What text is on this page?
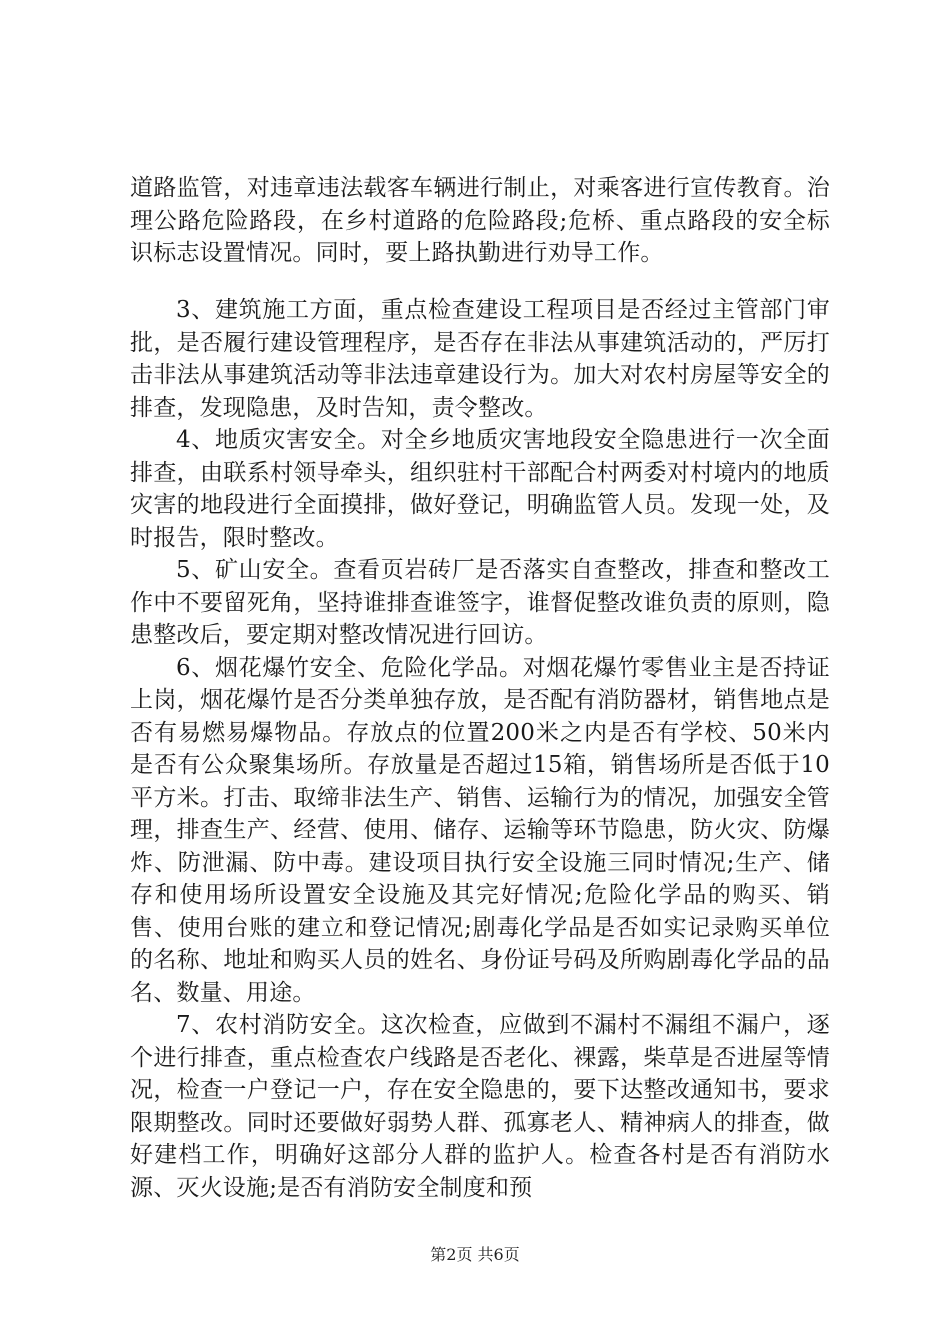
道路监管，对违章违法载客车辆进行制止，对乘客进行宣传教育。治理公路危险路段，在乡村道路的危险路段;危桥、重点路段的安全标识标志设置情况。同时，要上路执勤进行劝导工作。

3、建筑施工方面，重点检查建设工程项目是否经过主管部门审批，是否履行建设管理程序，是否存在非法从事建筑活动的，严厉打击非法从事建筑活动等非法违章建设行为。加大对农村房屋等安全的排查，发现隐患，及时告知，责令整改。

4、地质灾害安全。对全乡地质灾害地段安全隐患进行一次全面排查，由联系村领导牵头，组织驻村干部配合村两委对村境内的地质灾害的地段进行全面摸排，做好登记，明确监管人员。发现一处，及时报告，限时整改。

5、矿山安全。查看页岩砖厂是否落实自查整改，排查和整改工作中不要留死角，坚持谁排查谁签字，谁督促整改谁负责的原则，隐患整改后，要定期对整改情况进行回访。

6、烟花爆竹安全、危险化学品。对烟花爆竹零售业主是否持证上岗，烟花爆竹是否分类单独存放，是否配有消防器材，销售地点是否有易燃易爆物品。存放点的位置200米之内是否有学校、50米内是否有公众聚集场所。存放量是否超过15箱，销售场所是否低于10平方米。打击、取缔非法生产、销售、运输行为的情况，加强安全管理，排查生产、经营、使用、储存、运输等环节隐患，防火灾、防爆炸、防泄漏、防中毒。建设项目执行安全设施三同时情况;生产、储存和使用场所设置安全设施及其完好情况;危险化学品的购买、销售、使用台账的建立和登记情况;剧毒化学品是否如实记录购买单位的名称、地址和购买人员的姓名、身份证号码及所购剧毒化学品的品名、数量、用途。

7、农村消防安全。这次检查，应做到不漏村不漏组不漏户，逐个进行排查，重点检查农户线路是否老化、裸露，柴草是否进屋等情况，检查一户登记一户，存在安全隐患的，要下达整改通知书，要求限期整改。同时还要做好弱势人群、孤寡老人、精神病人的排查，做好建档工作，明确好这部分人群的监护人。检查各村是否有消防水源、灭火设施;是否有消防安全制度和预

第2页 共6页
